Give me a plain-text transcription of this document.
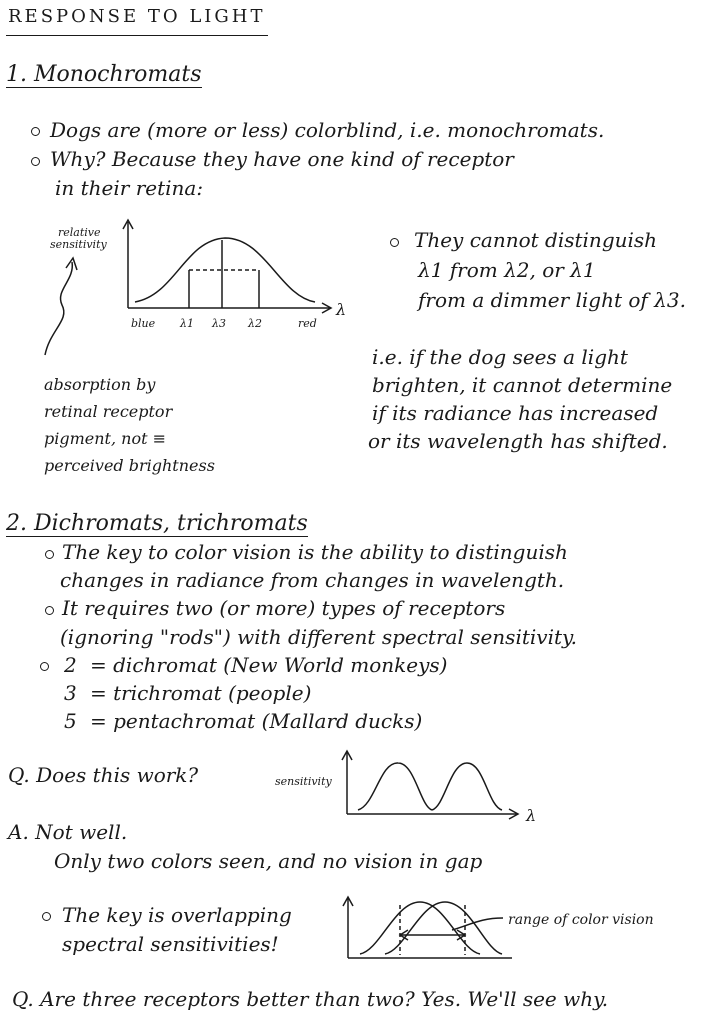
RESPONSE TO LIGHT
1. Monochromats
Dogs are (more or less) colorblind, i.e. monochromats.
Why? Because they have one kind of receptor
in their retina:
relative
sensitivity
λ
blue λ1 λ3 λ2	red
They cannot distinguish
λ1 from λ2, or λ1
from a dimmer light of λ3.
i.e. if the dog sees a light
brighten, it cannot determine
if its radiance has increased
or its wavelength has shifted.
absorption by
retinal receptor
pigment, not ≡
perceived brightness
2. Dichromats, trichromats
The key to color vision is the ability to distinguish
changes in radiance from changes in wavelength.
It requires two (or more) types of receptors
(ignoring "rods") with different spectral sensitivity.
2 = dichromat (New World monkeys)
3 = trichromat (people)
5 = pentachromat (Mallard ducks)
Q. Does this work?	sensitivity
λ
A. Not well.
Only two colors seen, and no vision in gap
The key is overlapping
spectral sensitivities!
range of color vision
Q. Are three receptors better than two? Yes. We'll see why.
